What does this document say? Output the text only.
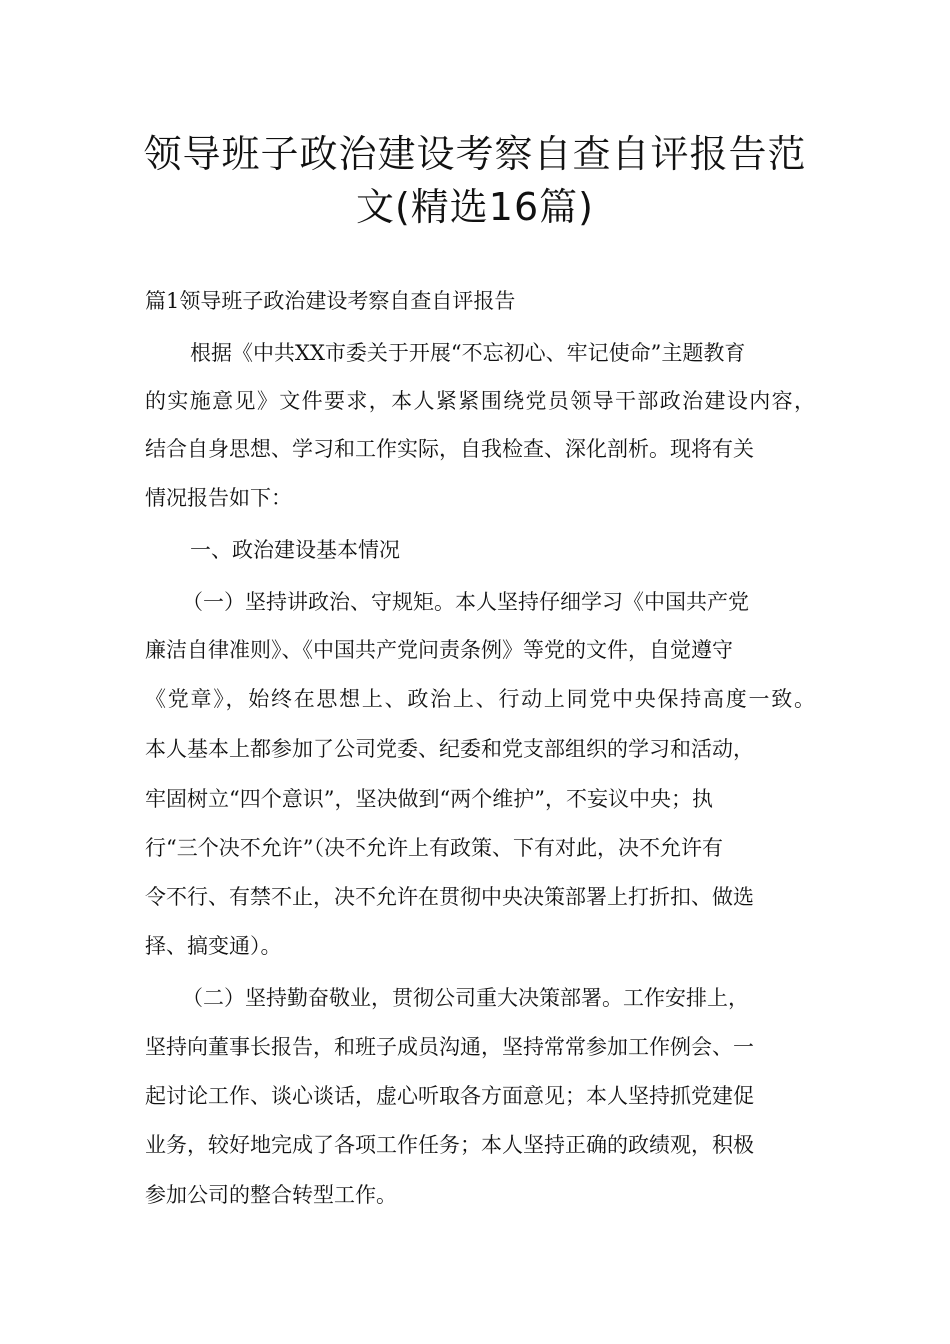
领导班子政治建设考察自查自评报告范
文(精选16篇)
篇1领导班子政治建设考察自查自评报告
根据《中共XX市委关于开展“不忘初心、牢记使命”主题教育
的实施意见》文件要求，本人紧紧围绕党员领导干部政治建设内容，
结合自身思想、学习和工作实际，自我检查、深化剖析。现将有关
情况报告如下：
一、政治建设基本情况
（一）坚持讲政治、守规矩。本人坚持仔细学习《中国共产党
廉洁自律准则》、《中国共产党问责条例》等党的文件，自觉遵守
《党章》，始终在思想上、政治上、行动上同党中央保持高度一致。
本人基本上都参加了公司党委、纪委和党支部组织的学习和活动，
牢固树立“四个意识”，坚决做到“两个维护”，不妄议中央；执
行“三个决不允许”（决不允许上有政策、下有对此，决不允许有
令不行、有禁不止，决不允许在贯彻中央决策部署上打折扣、做选
择、搞变通）。
（二）坚持勤奋敬业，贯彻公司重大决策部署。工作安排上，
坚持向董事长报告，和班子成员沟通，坚持常常参加工作例会、一
起讨论工作、谈心谈话，虚心听取各方面意见；本人坚持抓党建促
业务，较好地完成了各项工作任务；本人坚持正确的政绩观，积极
参加公司的整合转型工作。
